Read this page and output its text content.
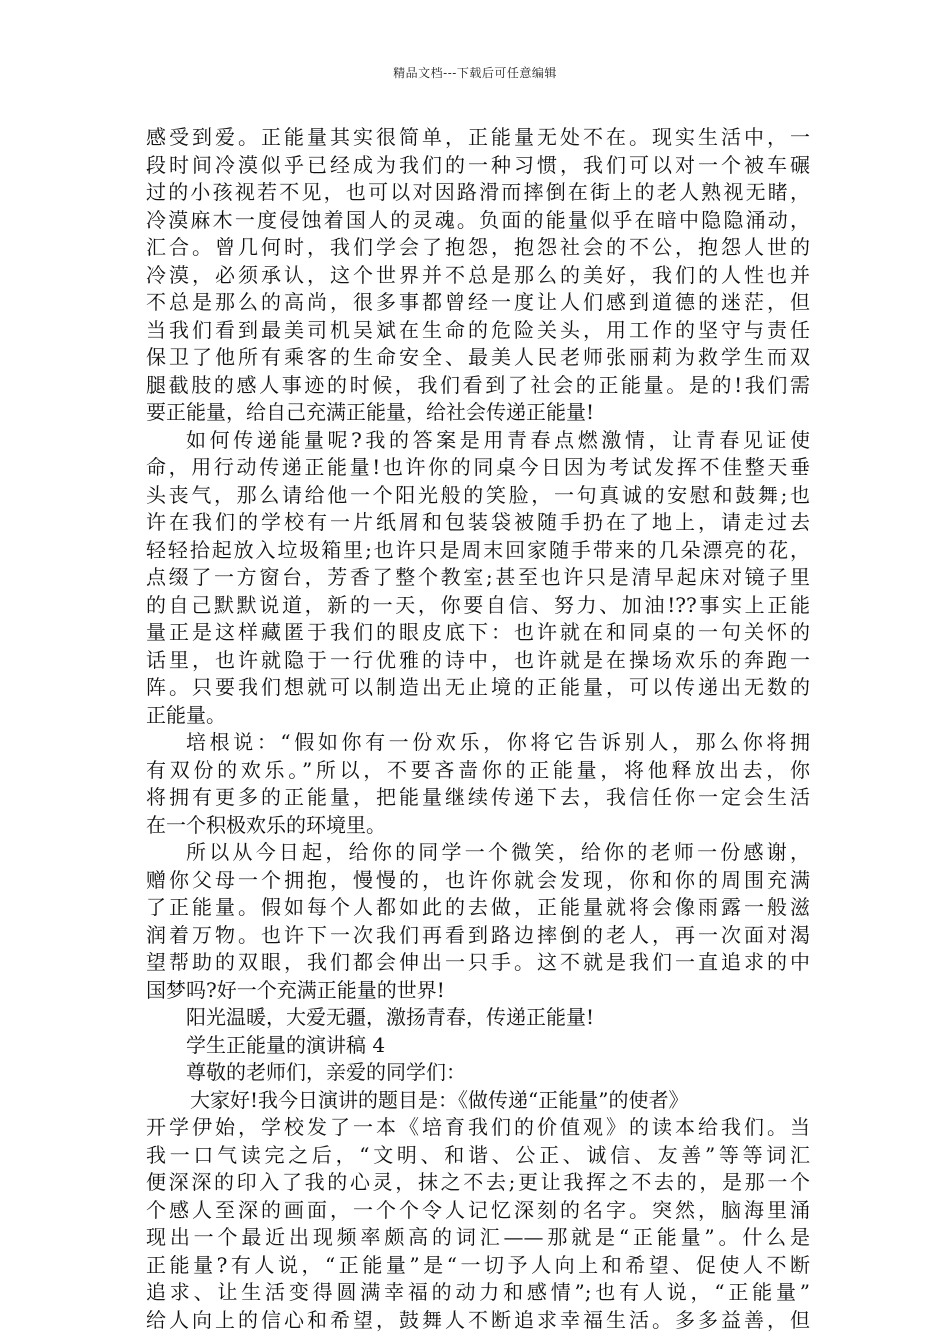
精品文档---下载后可任意编辑
感受到爱。正能量其实很简单，正能量无处不在。现实生活中，一
段时间冷漠似乎已经成为我们的一种习惯，我们可以对一个被车碾
过的小孩视若不见，也可以对因路滑而摔倒在街上的老人熟视无睹，
冷漠麻木一度侵蚀着国人的灵魂。负面的能量似乎在暗中隐隐涌动，
汇合。曾几何时，我们学会了抱怨，抱怨社会的不公，抱怨人世的
冷漠，必须承认，这个世界并不总是那么的美好，我们的人性也并
不总是那么的高尚，很多事都曾经一度让人们感到道德的迷茫，但
当我们看到最美司机吴斌在生命的危险关头，用工作的坚守与责任
保卫了他所有乘客的生命安全、最美人民老师张丽莉为救学生而双
腿截肢的感人事迹的时候，我们看到了社会的正能量。是的!我们需
要正能量，给自己充满正能量，给社会传递正能量!
如何传递能量呢?我的答案是用青春点燃激情，让青春见证使
命，用行动传递正能量!也许你的同桌今日因为考试发挥不佳整天垂
头丧气，那么请给他一个阳光般的笑脸，一句真诚的安慰和鼓舞;也
许在我们的学校有一片纸屑和包装袋被随手扔在了地上，请走过去
轻轻拾起放入垃圾箱里;也许只是周末回家随手带来的几朵漂亮的花，
点缀了一方窗台，芳香了整个教室;甚至也许只是清早起床对镜子里
的自己默默说道，新的一天，你要自信、努力、加油!??事实上正能
量正是这样藏匿于我们的眼皮底下：也许就在和同桌的一句关怀的
话里，也许就隐于一行优雅的诗中，也许就是在操场欢乐的奔跑一
阵。只要我们想就可以制造出无止境的正能量，可以传递出无数的
正能量。
培根说：“假如你有一份欢乐，你将它告诉别人，那么你将拥
有双份的欢乐。”所以，不要吝啬你的正能量，将他释放出去，你
将拥有更多的正能量，把能量继续传递下去，我信任你一定会生活
在一个积极欢乐的环境里。
所以从今日起，给你的同学一个微笑，给你的老师一份感谢，
赠你父母一个拥抱，慢慢的，也许你就会发现，你和你的周围充满
了正能量。假如每个人都如此的去做，正能量就将会像雨露一般滋
润着万物。也许下一次我们再看到路边摔倒的老人，再一次面对渴
望帮助的双眼，我们都会伸出一只手。这不就是我们一直追求的中
国梦吗?好一个充满正能量的世界!
阳光温暖，大爱无疆，激扬青春，传递正能量!
学生正能量的演讲稿 4
尊敬的老师们，亲爱的同学们：
大家好!我今日演讲的题目是：《做传递“正能量”的使者》
开学伊始，学校发了一本《培育我们的价值观》的读本给我们。当
我一口气读完之后，“文明、和谐、公正、诚信、友善”等等词汇
便深深的印入了我的心灵，抹之不去;更让我挥之不去的，是那一个
个感人至深的画面，一个个令人记忆深刻的名字。突然，脑海里涌
现出一个最近出现频率颇高的词汇——那就是“正能量”。什么是
正能量?有人说，“正能量”是“一切予人向上和希望、促使人不断
追求、让生活变得圆满幸福的动力和感情”;也有人说，“正能量”
给人向上的信心和希望，鼓舞人不断追求幸福生活。多多益善，但
